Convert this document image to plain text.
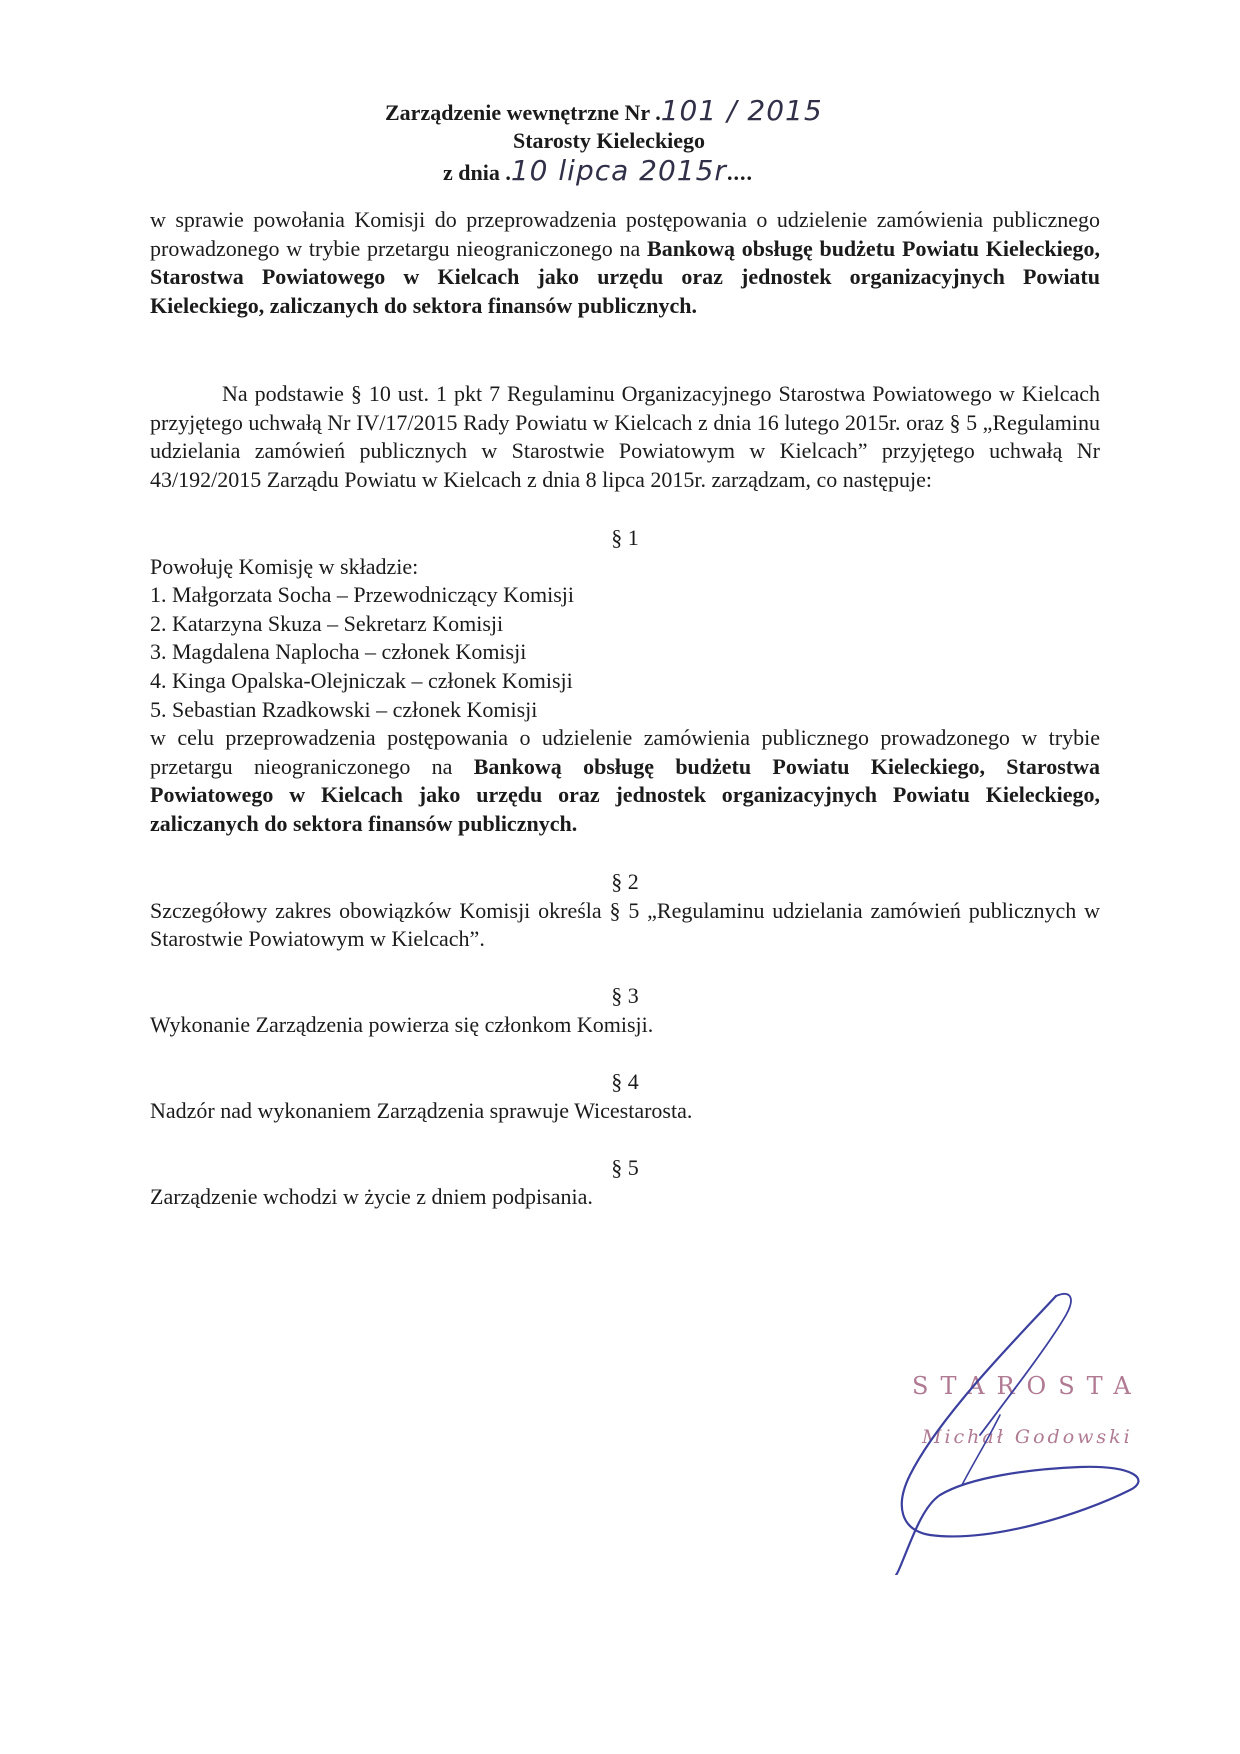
Zarządzenie wewnętrzne Nr .101 / 2015
Starosty Kieleckiego
z dnia .10 lipca 2015r....

w sprawie powołania Komisji do przeprowadzenia postępowania o udzielenie zamówienia publicznego prowadzonego w trybie przetargu nieograniczonego na Bankową obsługę budżetu Powiatu Kieleckiego, Starostwa Powiatowego w Kielcach jako urzędu oraz jednostek organizacyjnych Powiatu Kieleckiego, zaliczanych do sektora finansów publicznych.

Na podstawie § 10 ust. 1 pkt 7 Regulaminu Organizacyjnego Starostwa Powiatowego w Kielcach przyjętego uchwałą Nr IV/17/2015 Rady Powiatu w Kielcach z dnia 16 lutego 2015r. oraz § 5 „Regulaminu udzielania zamówień publicznych w Starostwie Powiatowym w Kielcach” przyjętego uchwałą Nr 43/192/2015 Zarządu Powiatu w Kielcach z dnia 8 lipca 2015r. zarządzam, co następuje:

§ 1

Powołuję Komisję w składzie:

1. Małgorzata Socha – Przewodniczący Komisji
2. Katarzyna Skuza – Sekretarz Komisji
3. Magdalena Naplocha – członek Komisji
4. Kinga Opalska-Olejniczak – członek Komisji
5. Sebastian Rzadkowski – członek Komisji

w celu przeprowadzenia postępowania o udzielenie zamówienia publicznego prowadzonego w trybie przetargu nieograniczonego na Bankową obsługę budżetu Powiatu Kieleckiego, Starostwa Powiatowego w Kielcach jako urzędu oraz jednostek organizacyjnych Powiatu Kieleckiego, zaliczanych do sektora finansów publicznych.

§ 2

Szczegółowy zakres obowiązków Komisji określa § 5 „Regulaminu udzielania zamówień publicznych w Starostwie Powiatowym w Kielcach”.

§ 3

Wykonanie Zarządzenia powierza się członkom Komisji.

§ 4

Nadzór nad wykonaniem Zarządzenia sprawuje Wicestarosta.

§ 5

Zarządzenie wchodzi w życie z dniem podpisania.

STAROSTA
Michał Godowski
